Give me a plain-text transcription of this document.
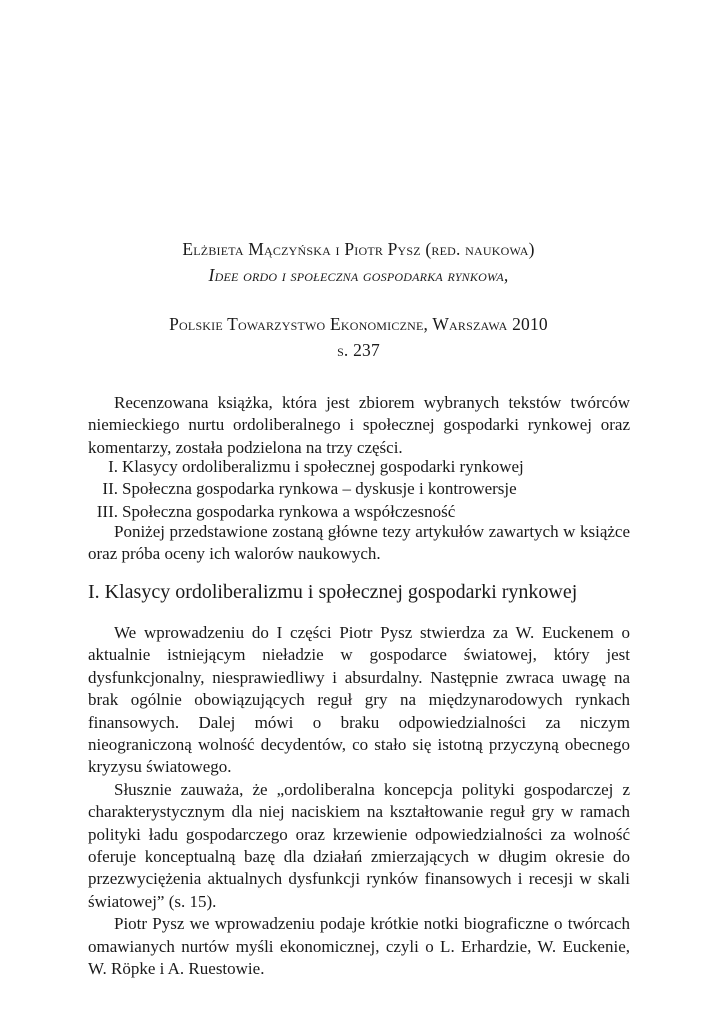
Elżbieta Mączyńska i Piotr Pysz (red. naukowa)
Idee ordo i społeczna gospodarka rynkowa,
Polskie Towarzystwo Ekonomiczne, Warszawa 2010
s. 237

Recenzowana książka, która jest zbiorem wybranych tekstów twórców niemieckiego nurtu ordoliberalnego i społecznej gospodarki rynkowej oraz komentarzy, została podzielona na trzy części.

I. Klasycy ordoliberalizmu i społecznej gospodarki rynkowej
II. Społeczna gospodarka rynkowa – dyskusje i kontrowersje
III. Społeczna gospodarka rynkowa a współczesność

Poniżej przedstawione zostaną główne tezy artykułów zawartych w książce oraz próba oceny ich walorów naukowych.

I. Klasycy ordoliberalizmu i społecznej gospodarki rynkowej

We wprowadzeniu do I części Piotr Pysz stwierdza za W. Euckenem o aktualnie istniejącym nieładzie w gospodarce światowej, który jest dysfunkcjonalny, niesprawiedliwy i absurdalny. Następnie zwraca uwagę na brak ogólnie obowiązujących reguł gry na międzynarodowych rynkach finansowych. Dalej mówi o braku odpowiedzialności za niczym nieograniczoną wolność decydentów, co stało się istotną przyczyną obecnego kryzysu światowego.

Słusznie zauważa, że „ordoliberalna koncepcja polityki gospodarczej z charakterystycznym dla niej naciskiem na kształtowanie reguł gry w ramach polityki ładu gospodarczego oraz krzewienie odpowiedzialności za wolność oferuje konceptualną bazę dla działań zmierzających w długim okresie do przezwyciężenia aktualnych dysfunkcji rynków finansowych i recesji w skali światowej” (s. 15).

Piotr Pysz we wprowadzeniu podaje krótkie notki biograficzne o twórcach omawianych nurtów myśli ekonomicznej, czyli o L. Erhardzie, W. Euckenie, W. Röpke i A. Ruestowie.
